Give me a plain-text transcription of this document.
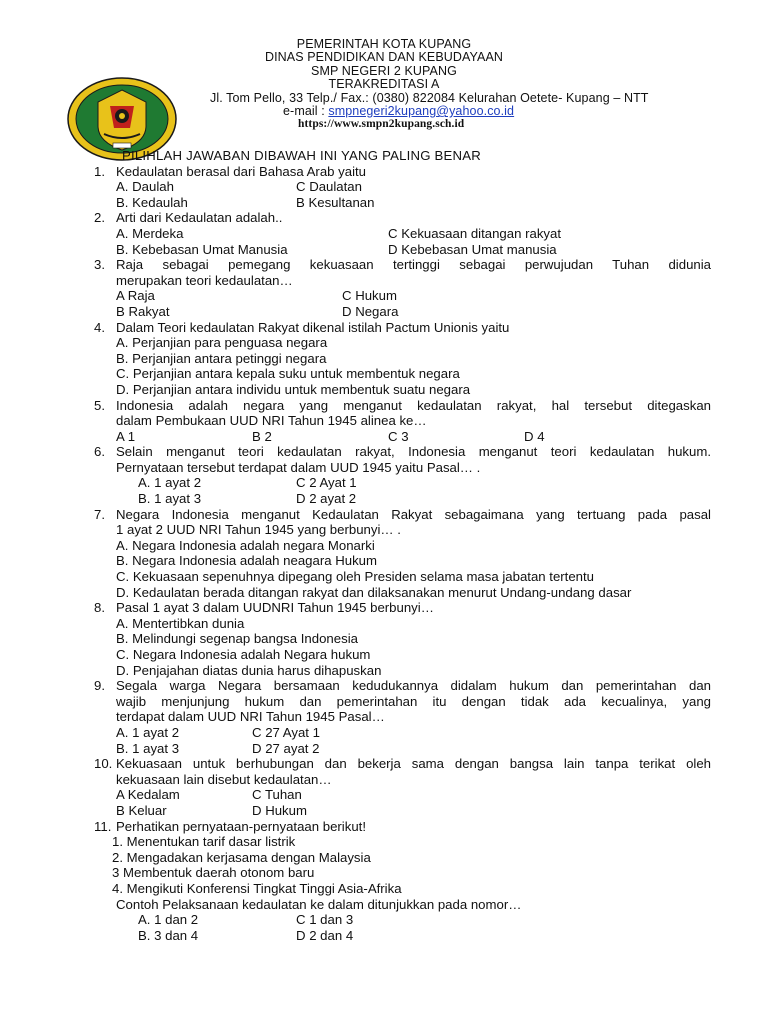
PEMERINTAH KOTA KUPANG
DINAS PENDIDIKAN DAN KEBUDAYAAN
SMP NEGERI 2 KUPANG
TERAKREDITASI A
Jl. Tom Pello, 33 Telp./ Fax.: (0380) 822084 Kelurahan Oetete- Kupang – NTT
e-mail : smpnegeri2kupang@yahoo.co.id
https://www.smpn2kupang.sch.id
PILIHLAH JAWABAN DIBAWAH INI YANG PALING BENAR
1. Kedaulatan berasal dari Bahasa Arab yaitu
A. Daulah	C Daulatan
B. Kedaulah	B Kesultanan
2. Arti dari Kedaulatan adalah..
A. Merdeka	C Kekuasaan ditangan rakyat
B. Kebebasan Umat Manusia	D Kebebasan Umat manusia
3. Raja sebagai pemegang kekuasaan tertinggi sebagai perwujudan Tuhan didunia
merupakan teori kedaulatan…
A Raja	C Hukum
B Rakyat	D Negara
4. Dalam Teori kedaulatan Rakyat dikenal istilah Pactum Unionis yaitu
A. Perjanjian para penguasa negara
B. Perjanjian antara petinggi negara
C. Perjanjian antara kepala suku untuk membentuk negara
D. Perjanjian antara individu untuk membentuk suatu negara
5. Indonesia adalah negara yang menganut kedaulatan rakyat, hal tersebut ditegaskan
dalam Pembukaan UUD NRI Tahun 1945 alinea ke…
A 1	B 2	C 3	D 4
6. Selain menganut teori kedaulatan rakyat, Indonesia menganut teori kedaulatan hukum.
Pernyataan tersebut terdapat dalam UUD 1945 yaitu Pasal… .
A. 1 ayat 2	C 2 Ayat 1
B. 1 ayat 3	D 2 ayat 2
7. Negara Indonesia menganut Kedaulatan Rakyat sebagaimana yang tertuang pada pasal
1 ayat 2 UUD NRI Tahun 1945 yang berbunyi… .
A. Negara Indonesia adalah negara Monarki
B. Negara Indonesia adalah neagara Hukum
C. Kekuasaan sepenuhnya dipegang oleh Presiden selama masa jabatan tertentu
D. Kedaulatan berada ditangan rakyat dan dilaksanakan menurut Undang-undang dasar
8. Pasal 1 ayat 3 dalam UUDNRI Tahun 1945 berbunyi…
A. Mentertibkan dunia
B. Melindungi segenap bangsa Indonesia
C. Negara Indonesia adalah Negara hukum
D. Penjajahan diatas dunia harus dihapuskan
9. Segala warga Negara bersamaan kedudukannya didalam hukum dan pemerintahan dan
wajib menjunjung hukum dan pemerintahan itu dengan tidak ada kecualinya, yang
terdapat dalam UUD NRI Tahun 1945 Pasal…
A. 1 ayat 2	C 27 Ayat 1
B. 1 ayat 3	D 27 ayat 2
10. Kekuasaan untuk berhubungan dan bekerja sama dengan bangsa lain tanpa terikat oleh
kekuasaan lain disebut kedaulatan…
A Kedalam	C Tuhan
B Keluar	D Hukum
11. Perhatikan pernyataan-pernyataan berikut!
1. Menentukan tarif dasar listrik
2. Mengadakan kerjasama dengan Malaysia
3 Membentuk daerah otonom baru
4. Mengikuti Konferensi Tingkat Tinggi Asia-Afrika
Contoh Pelaksanaan kedaulatan ke dalam ditunjukkan pada nomor…
A. 1 dan 2	C 1 dan 3
B. 3 dan 4	D 2 dan 4
